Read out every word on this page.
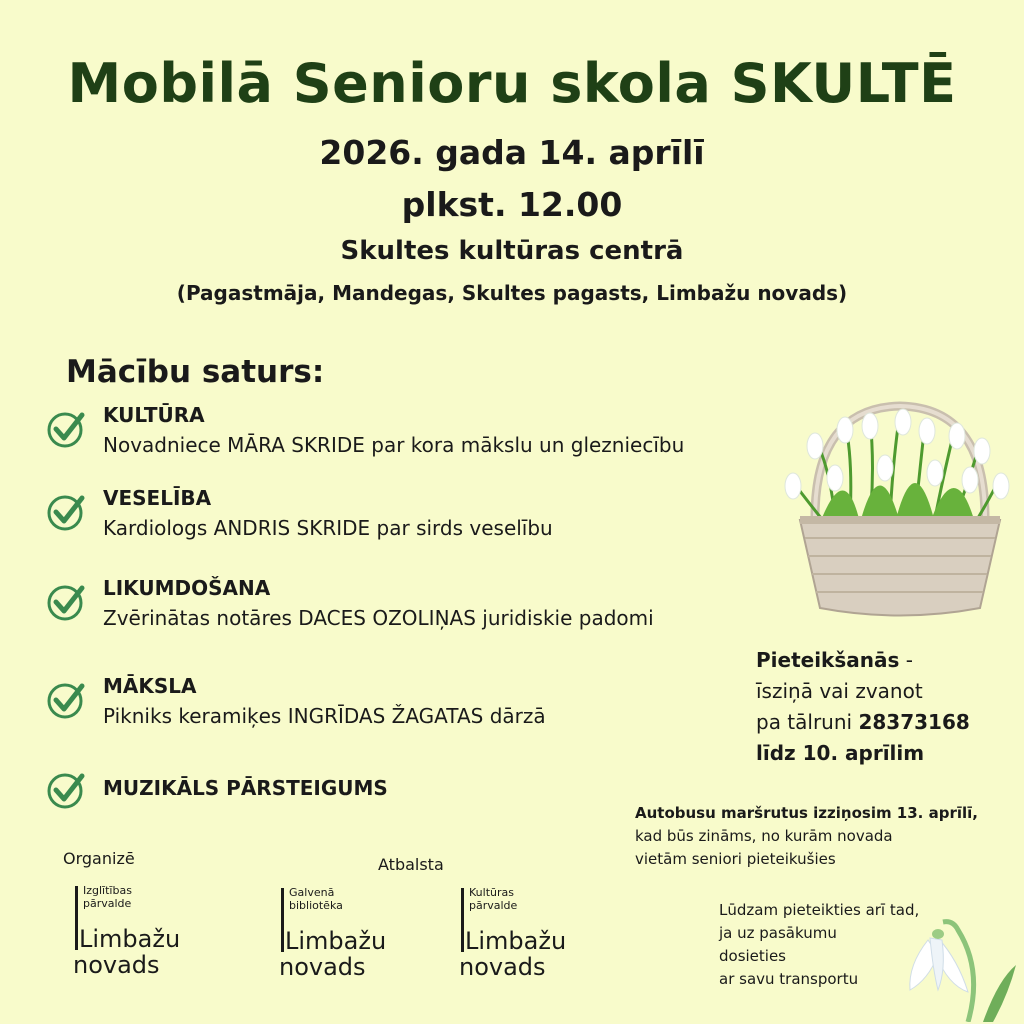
Mobilā Senioru skola SKULTĒ
2026. gada 14. aprīlī
plkst. 12.00
Skultes kultūras centrā
(Pagastmāja, Mandegas, Skultes pagasts, Limbažu novads)
Mācību saturs:
KULTŪRA
Novadniece MĀRA SKRIDE par kora mākslu un glezniecību
VESELĪBA
Kardiologs ANDRIS SKRIDE par sirds veselību
LIKUMDOŠANA
Zvērinātas notāres DACES OZOLIŅAS juridiskie padomi
MĀKSLA
Pikniks keramiķes INGRĪDAS ŽAGATAS dārzā
MUZIKĀLS PĀRSTEIGUMS
Pieteikšanās -
īsziņā vai zvanot
pa tālruni 28373168
līdz 10. aprīlim
Autobusu maršrutus izziņosim 13. aprīlī,
kad būs zināms, no kurām novada
vietām seniori pieteikušies
Lūdzam pieteikties arī tad,
ja uz pasākumu
dosieties
ar savu transportu
Organizē	Atbalsta
Izglītības
pārvalde
Limbažu
novads
Galvenā
bibliotēka
Limbažu
novads
Kultūras
pārvalde
Limbažu
novads
